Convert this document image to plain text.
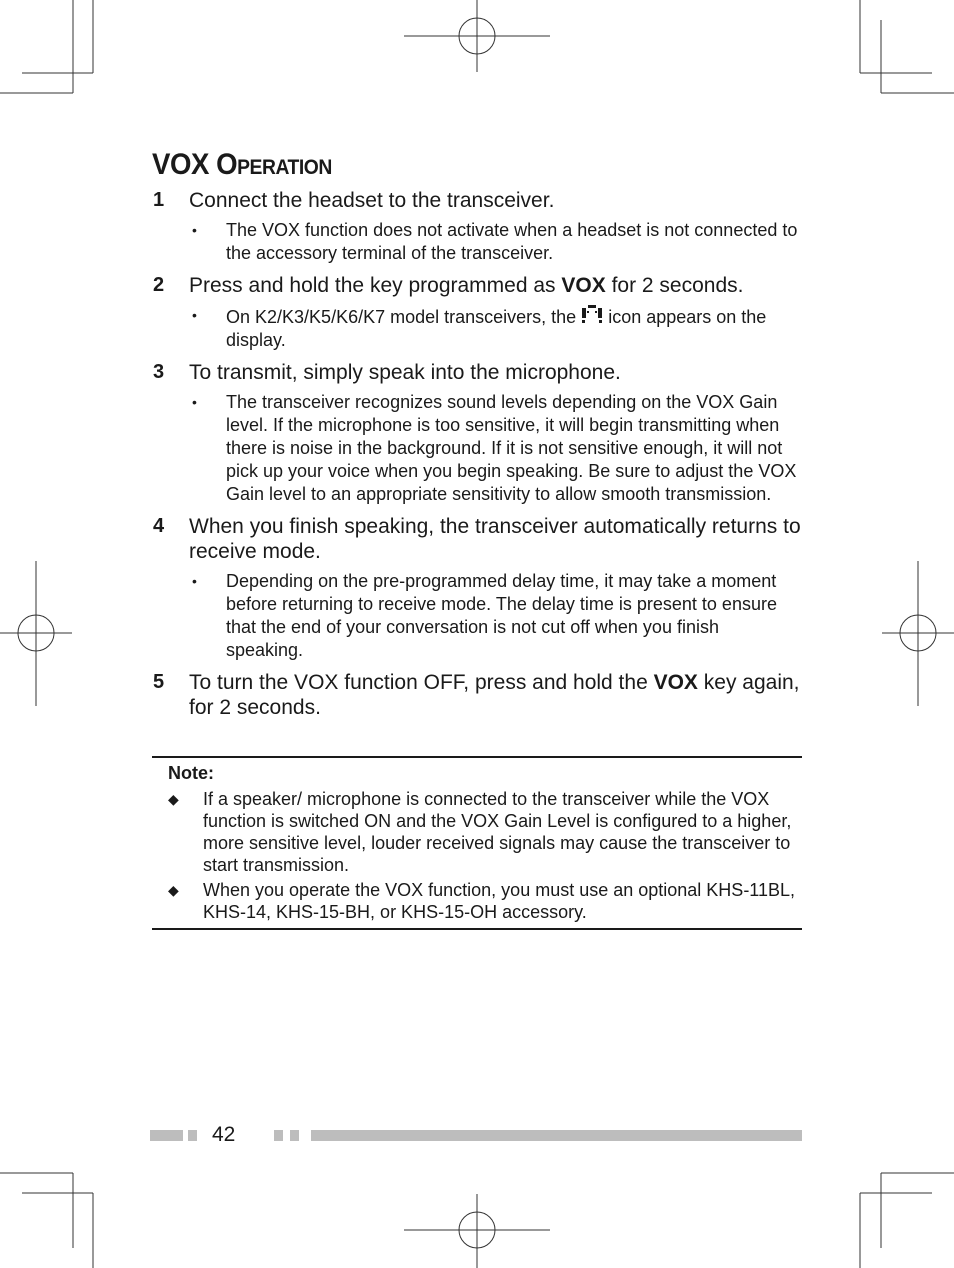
VOX OPERATION
1	Connect the headset to the transceiver.
•	The VOX function does not activate when a headset is not connected to the accessory terminal of the transceiver.
2	Press and hold the key programmed as VOX for 2 seconds.
•	On K2/K3/K5/K6/K7 model transceivers, the  icon appears on the display.
3	To transmit, simply speak into the microphone.
•	The transceiver recognizes sound levels depending on the VOX Gain level. If the microphone is too sensitive, it will begin transmitting when there is noise in the background. If it is not sensitive enough, it will not pick up your voice when you begin speaking. Be sure to adjust the VOX Gain level to an appropriate sensitivity to allow smooth transmission.
4	When you finish speaking, the transceiver automatically returns to receive mode.
•	Depending on the pre-programmed delay time, it may take a moment before returning to receive mode. The delay time is present to ensure that the end of your conversation is not cut off when you finish speaking.
5	To turn the VOX function OFF, press and hold the VOX key again, for 2 seconds.
Note:
◆	If a speaker/ microphone is connected to the transceiver while the VOX function is switched ON and the VOX Gain Level is configured to a higher, more sensitive level, louder received signals may cause the transceiver to start transmission.
◆	When you operate the VOX function, you must use an optional KHS-11BL, KHS-14, KHS-15-BH, or KHS-15-OH accessory.
42
